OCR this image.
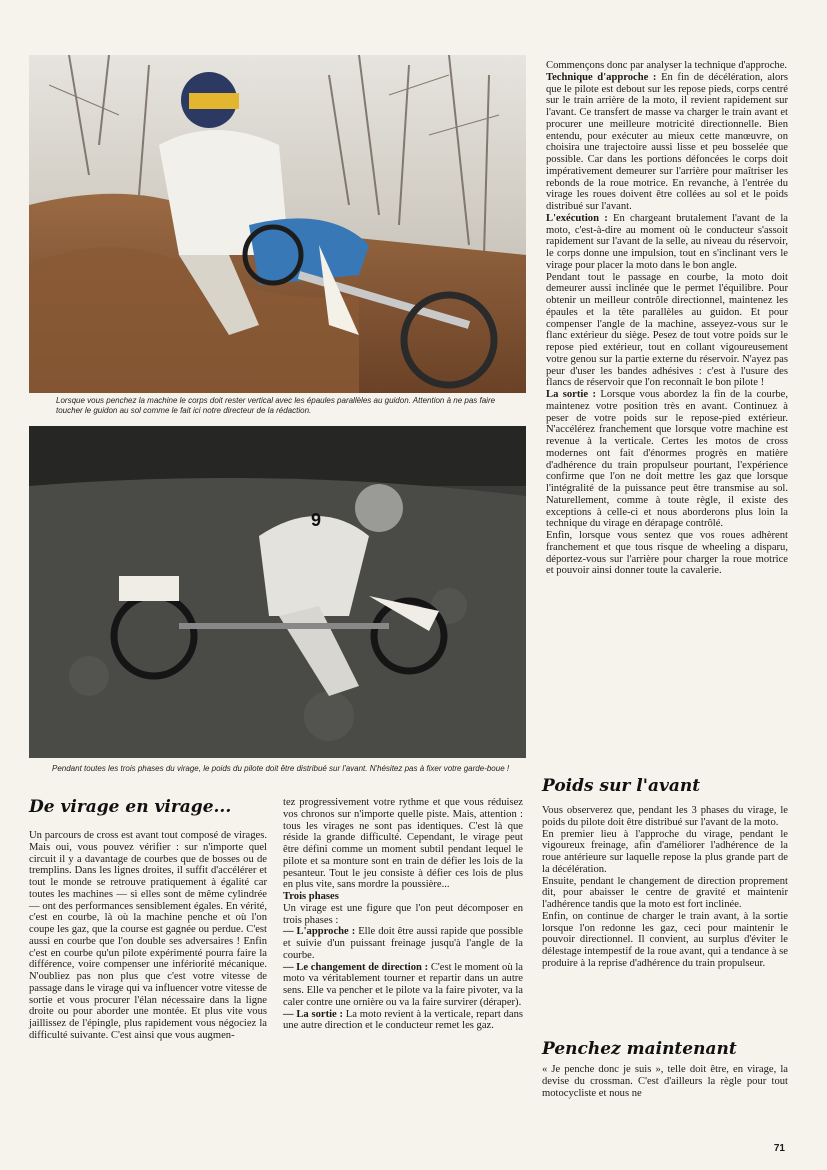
Lorsque vous penchez la machine le corps doit rester vertical avec les épaules parallèles au guidon. Attention à ne pas faire toucher le guidon au sol comme le fait ici notre directeur de la rédaction.
9
Pendant toutes les trois phases du virage, le poids du pilote doit être distribué sur l'avant. N'hésitez pas à fixer votre garde-boue !

Commençons donc par analyser la technique d'approche.

Technique d'approche : En fin de décélération, alors que le pilote est debout sur les repose pieds, corps centré sur le train arrière de la moto, il revient rapidement sur l'avant. Ce transfert de masse va charger le train avant et procurer une meilleure motricité directionnelle. Bien entendu, pour exécuter au mieux cette manœuvre, on choisira une trajectoire aussi lisse et peu bosselée que possible. Car dans les portions défoncées le corps doit impérativement demeurer sur l'arrière pour maîtriser les rebonds de la roue motrice. En revanche, à l'entrée du virage les roues doivent être collées au sol et le poids distribué sur l'avant.

L'exécution : En chargeant brutalement l'avant de la moto, c'est-à-dire au moment où le conducteur s'assoit rapidement sur l'avant de la selle, au niveau du réservoir, le corps donne une impulsion, tout en s'inclinant vers le virage pour placer la moto dans le bon angle.

Pendant tout le passage en courbe, la moto doit demeurer aussi inclinée que le permet l'équilibre. Pour obtenir un meilleur contrôle directionnel, maintenez les épaules et la tête parallèles au guidon. Et pour compenser l'angle de la machine, asseyez-vous sur le flanc extérieur du siège. Pesez de tout votre poids sur le repose pied extérieur, tout en collant vigoureusement votre genou sur la partie externe du réservoir. N'ayez pas peur d'user les bandes adhésives : c'est à l'usure des flancs de réservoir que l'on reconnaît le bon pilote !

La sortie : Lorsque vous abordez la fin de la courbe, maintenez votre position très en avant. Continuez à peser de votre poids sur le repose-pied extérieur. N'accélérez franchement que lorsque votre machine est revenue à la verticale. Certes les motos de cross modernes ont fait d'énormes progrès en matière d'adhérence du train propulseur pourtant, l'expérience confirme que l'on ne doit mettre les gaz que lorsque l'intégralité de la puissance peut être transmise au sol. Naturellement, comme à toute règle, il existe des exceptions à celle-ci et nous aborderons plus loin la technique du virage en dérapage contrôlé.

Enfin, lorsque vous sentez que vos roues adhèrent franchement et que tous risque de wheeling a disparu, déportez-vous sur l'arrière pour charger la roue motrice et pouvoir ainsi donner toute la cavalerie.

Poids sur l'avant

Vous observerez que, pendant les 3 phases du virage, le poids du pilote doit être distribué sur l'avant de la moto.

En premier lieu à l'approche du virage, pendant le vigoureux freinage, afin d'améliorer l'adhérence de la roue antérieure sur laquelle repose la plus grande part de la décélération.

Ensuite, pendant le changement de direction proprement dit, pour abaisser le centre de gravité et maintenir l'adhérence tandis que la moto est fort inclinée.

Enfin, on continue de charger le train avant, à la sortie lorsque l'on redonne les gaz, ceci pour maintenir le pouvoir directionnel. Il convient, au surplus d'éviter le délestage intempestif de la roue avant, qui a tendance à se produire à la reprise d'adhérence du train propulseur.

Penchez maintenant

« Je penche donc je suis », telle doit être, en virage, la devise du crossman. C'est d'ailleurs la règle pour tout motocycliste et nous ne

De virage en virage...

Un parcours de cross est avant tout composé de virages. Mais oui, vous pouvez vérifier : sur n'importe quel circuit il y a davantage de courbes que de bosses ou de tremplins. Dans les lignes droites, il suffit d'accélérer et tout le monde se retrouve pratiquement à égalité car toutes les machines — si elles sont de même cylindrée — ont des performances sensiblement égales. En vérité, c'est en courbe, là où la machine penche et où l'on coupe les gaz, que la course est gagnée ou perdue. C'est aussi en courbe que l'on double ses adversaires ! Enfin c'est en courbe qu'un pilote expérimenté pourra faire la différence, voire compenser une infériorité mécanique. N'oubliez pas non plus que c'est votre vitesse de passage dans le virage qui va influencer votre vitesse de sortie et vous procurer l'élan nécessaire dans la ligne droite ou pour aborder une montée. Et plus vite vous jaillissez de l'épingle, plus rapidement vous négociez la difficulté suivante. C'est ainsi que vous augmen-

tez progressivement votre rythme et que vous réduisez vos chronos sur n'importe quelle piste. Mais, attention : tous les virages ne sont pas identiques. C'est là que réside la grande difficulté. Cependant, le virage peut être défini comme un moment subtil pendant lequel le pilote et sa monture sont en train de défier les lois de la pesanteur. Tout le jeu consiste à défier ces lois de plus en plus vite, sans mordre la poussière...

Trois phases

Un virage est une figure que l'on peut décomposer en trois phases :

— L'approche : Elle doit être aussi rapide que possible et suivie d'un puissant freinage jusqu'à l'angle de la courbe.

— Le changement de direction : C'est le moment où la moto va véritablement tourner et repartir dans un autre sens. Elle va pencher et le pilote va la faire pivoter, va la caler contre une ornière ou va la faire survirer (déraper).

— La sortie : La moto revient à la verticale, repart dans une autre direction et le conducteur remet les gaz.

71
